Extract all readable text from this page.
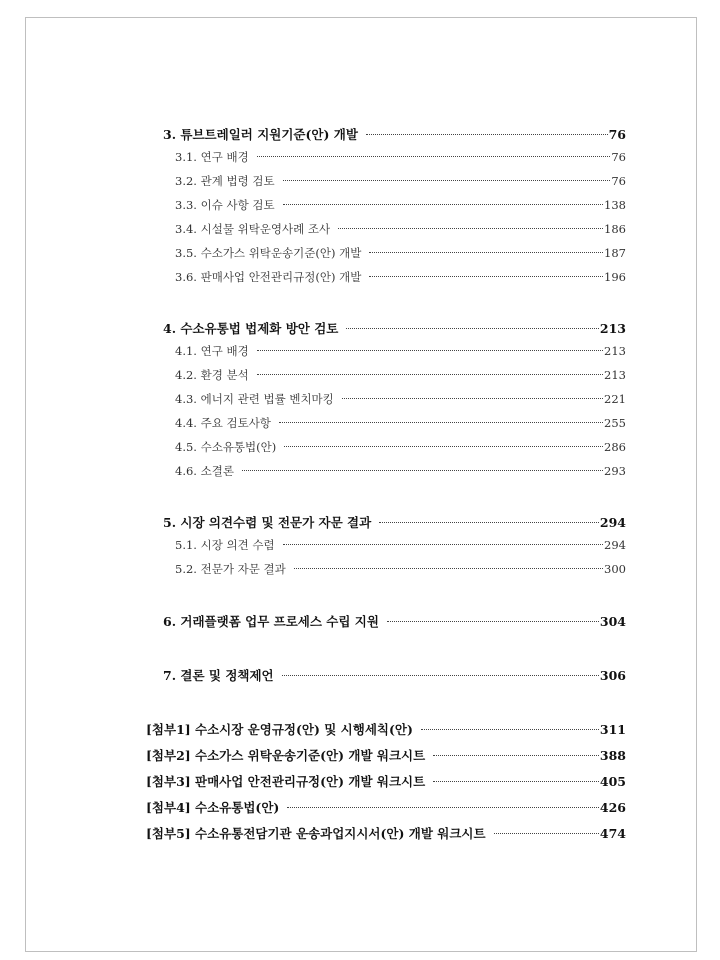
3. 튜브트레일러 지원기준(안) 개발	76
3.1. 연구 배경	76
3.2. 관계 법령 검토	76
3.3. 이슈 사항 검토	138
3.4. 시설물 위탁운영사례 조사	186
3.5. 수소가스 위탁운송기준(안) 개발	187
3.6. 판매사업 안전관리규정(안) 개발	196
4. 수소유통법 법제화 방안 검토	213
4.1. 연구 배경	213
4.2. 환경 분석	213
4.3. 에너지 관련 법률 벤치마킹	221
4.4. 주요 검토사항	255
4.5. 수소유통법(안)	286
4.6. 소결론	293
5. 시장 의견수렴 및 전문가 자문 결과	294
5.1. 시장 의견 수렴	294
5.2. 전문가 자문 결과	300
6. 거래플랫폼 업무 프로세스 수립 지원	304
7. 결론 및 정책제언	306
[첨부1] 수소시장 운영규정(안) 및 시행세칙(안)	311
[첨부2] 수소가스 위탁운송기준(안) 개발 워크시트	388
[첨부3] 판매사업 안전관리규정(안) 개발 워크시트	405
[첨부4] 수소유통법(안)	426
[첨부5] 수소유통전담기관 운송과업지시서(안) 개발 워크시트	474
